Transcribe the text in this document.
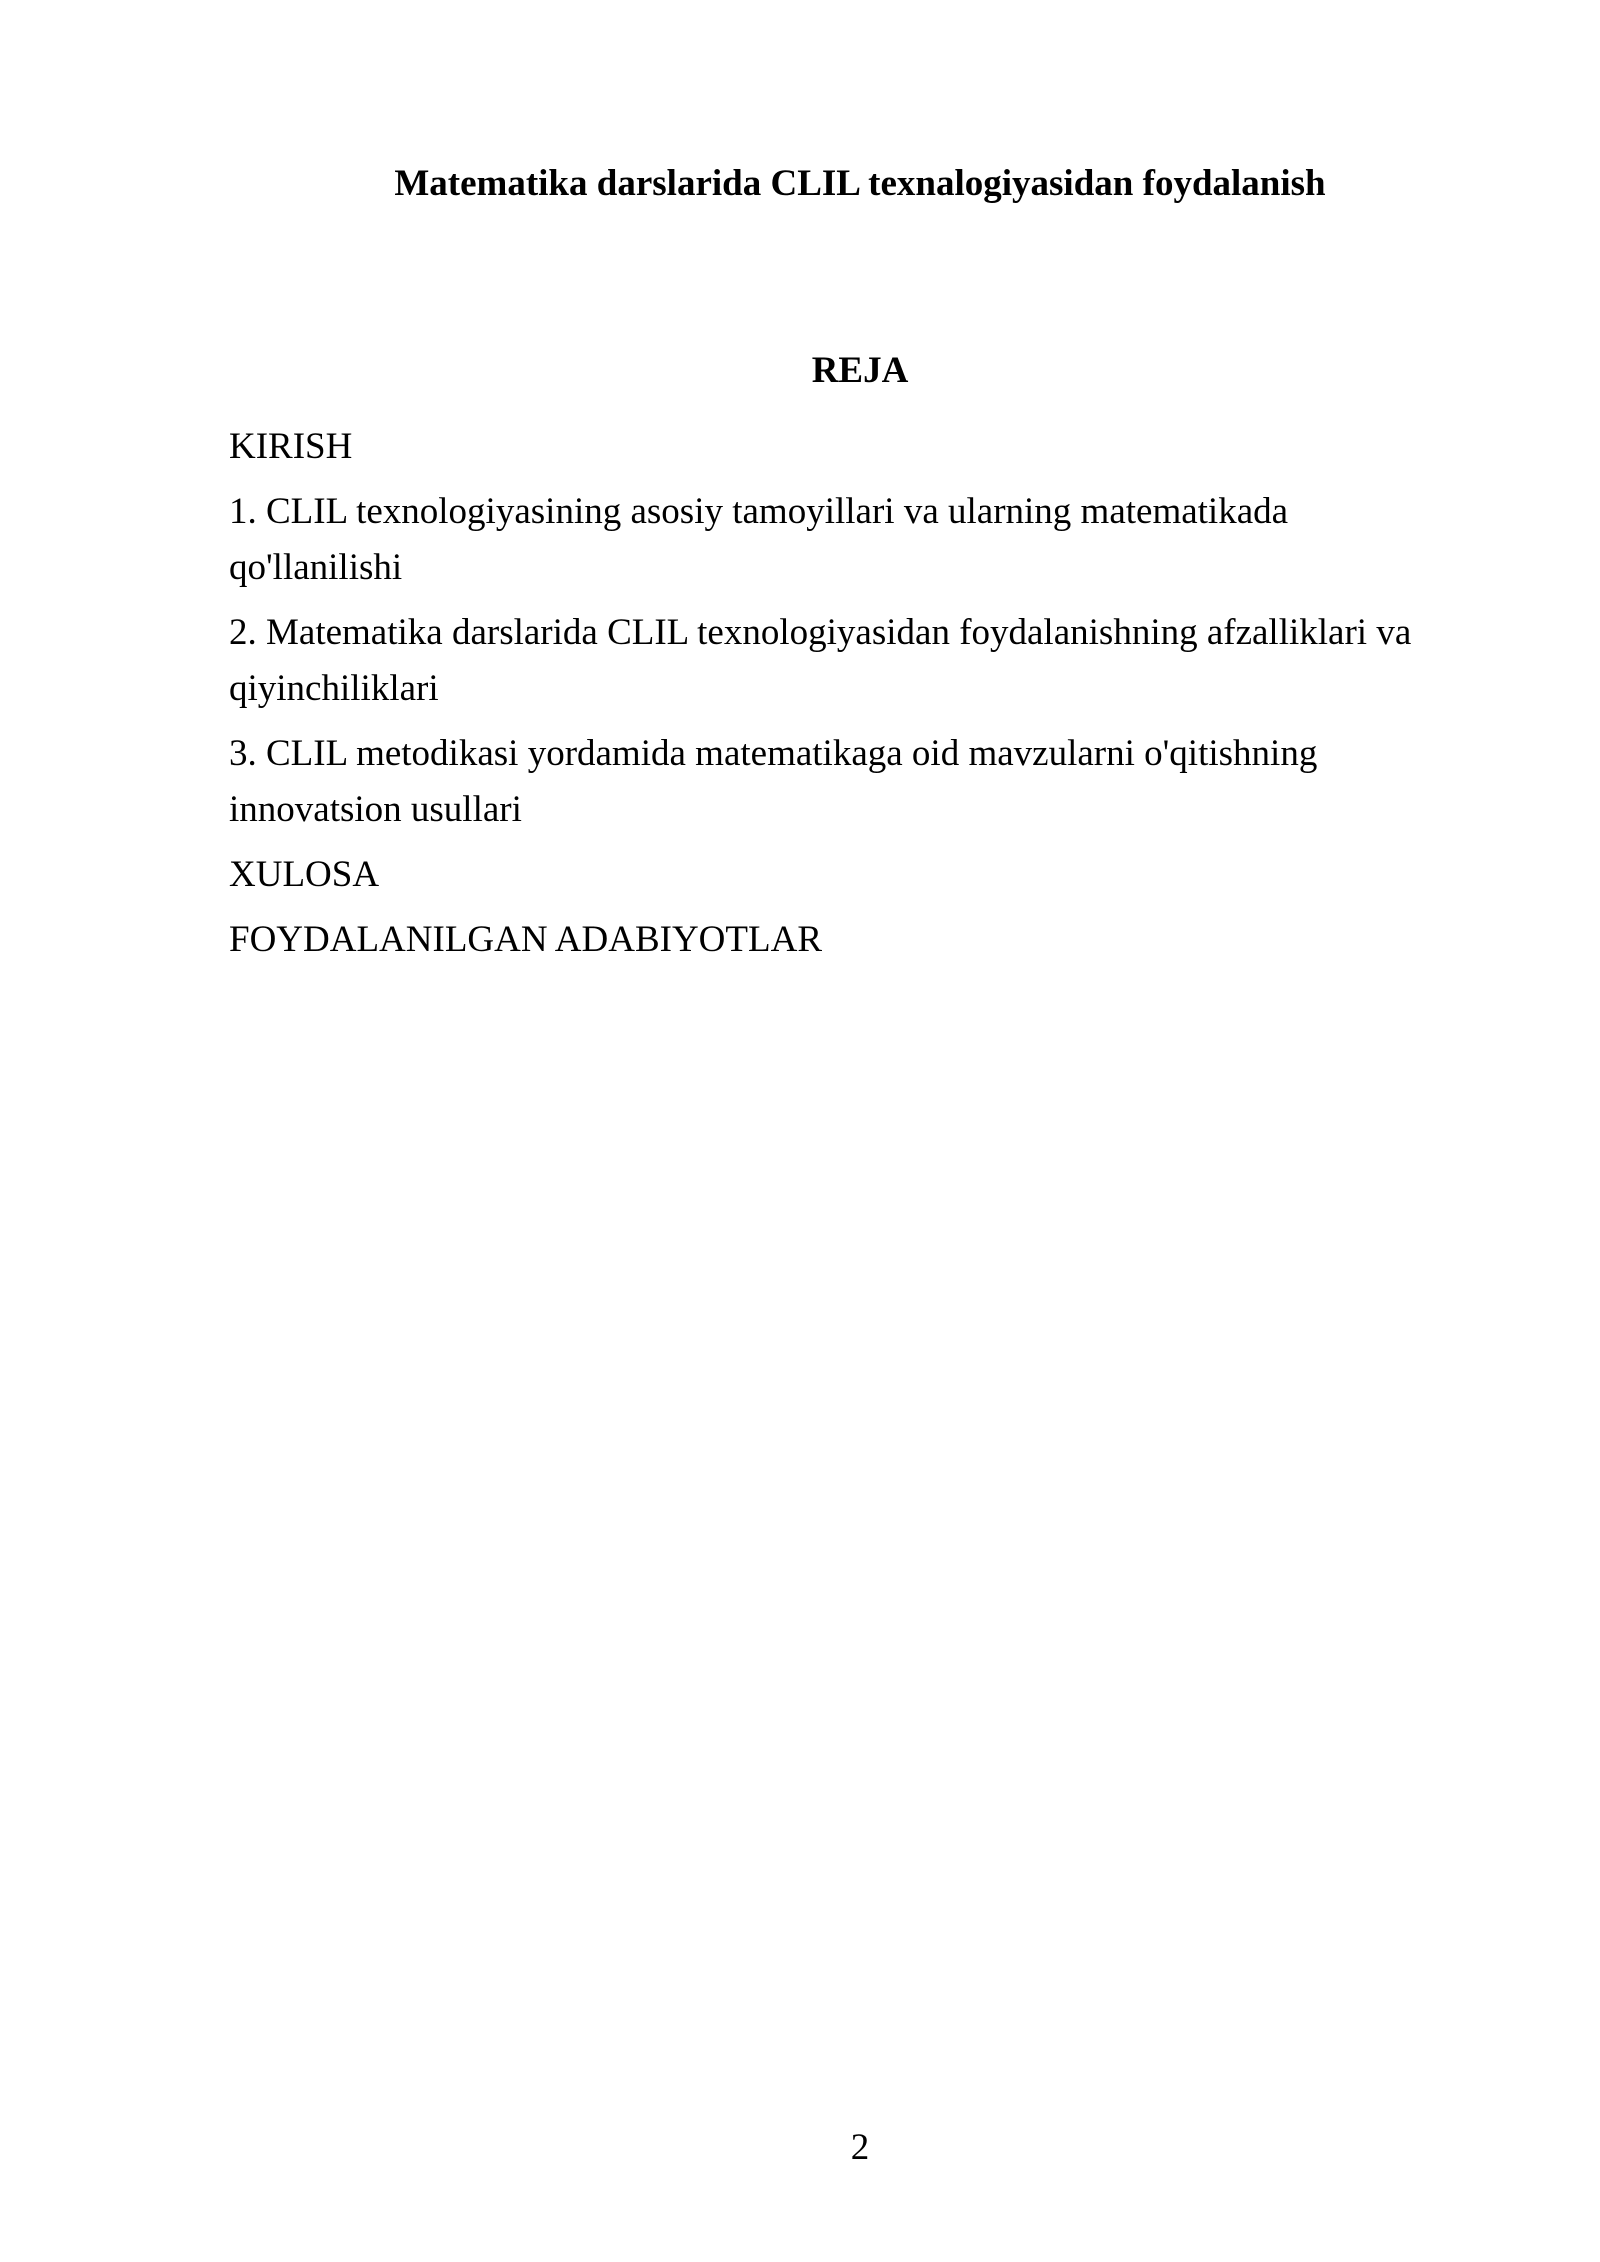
Matematika darslarida CLIL texnalogiyasidan foydalanish
REJA
KIRISH
1. CLIL texnologiyasining asosiy tamoyillari va ularning matematikada qo'llanilishi
2. Matematika darslarida CLIL texnologiyasidan foydalanishning afzalliklari va qiyinchiliklari
3. CLIL metodikasi yordamida matematikaga oid mavzularni o'qitishning innovatsion usullari
XULOSA
FOYDALANILGAN ADABIYOTLAR
2
